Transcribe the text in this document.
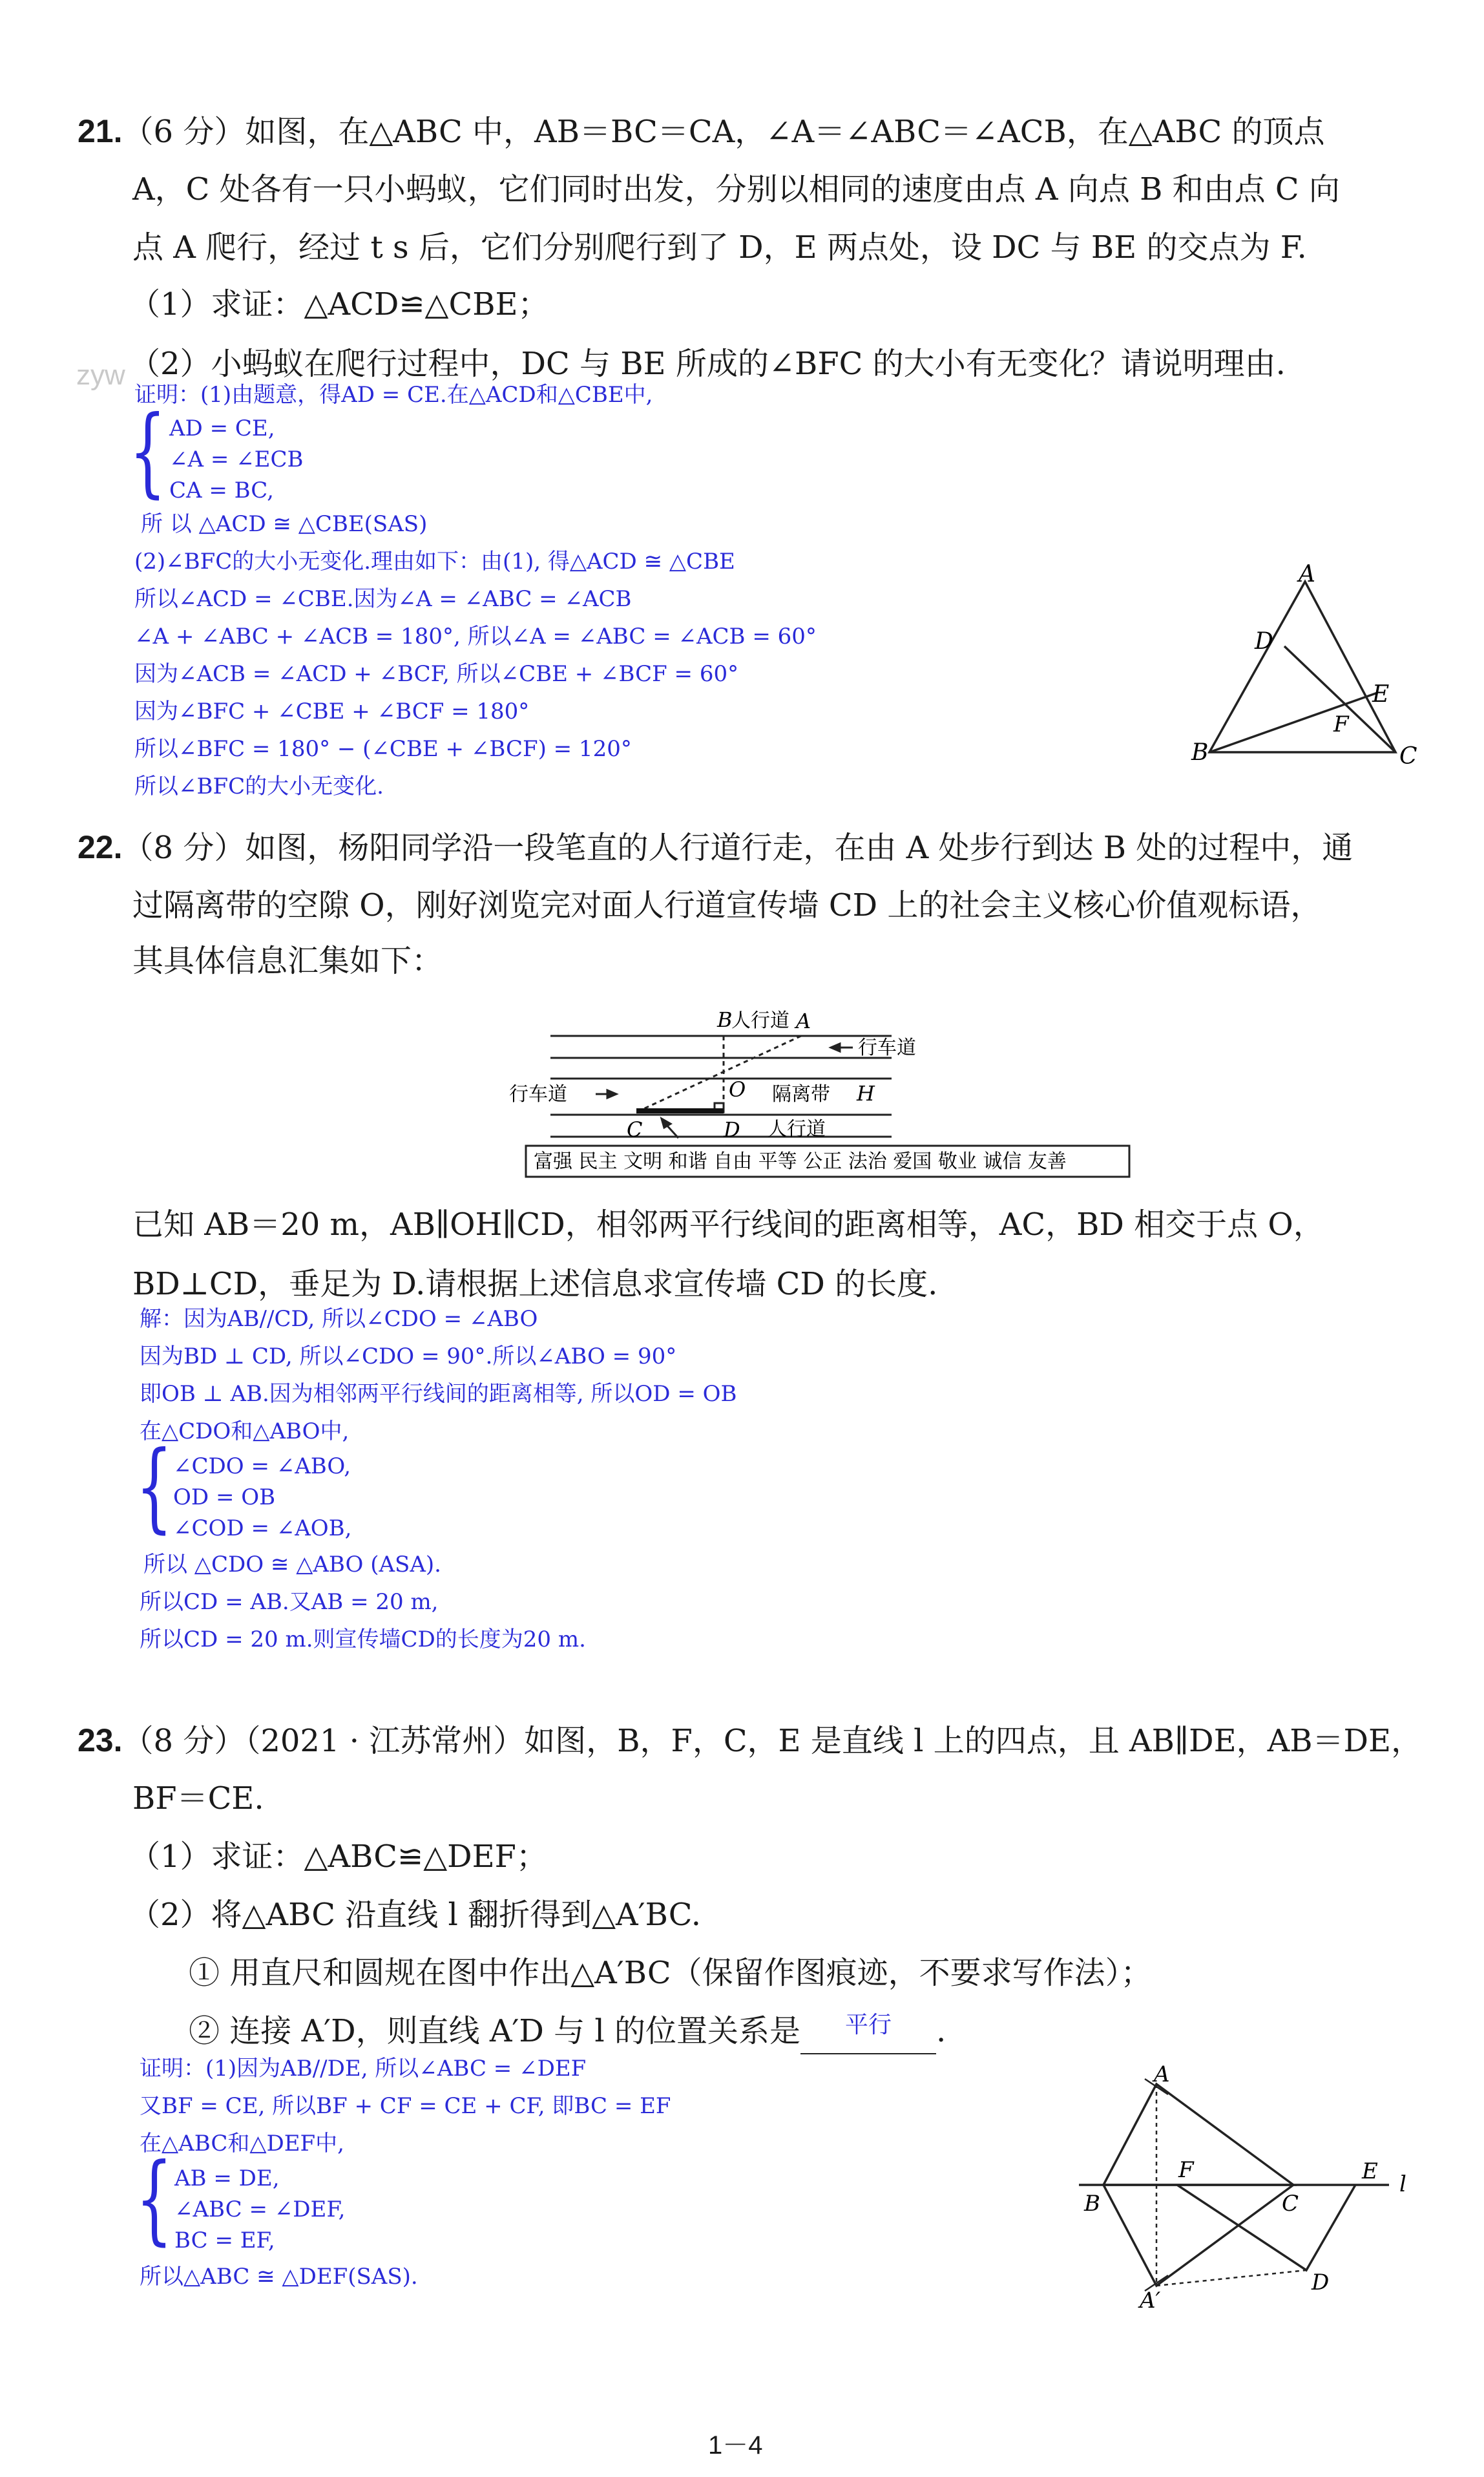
21.（6 分）如图，在△ABC 中，AB＝BC＝CA，∠A＝∠ABC＝∠ACB，在△ABC 的顶点
A，C 处各有一只小蚂蚁，它们同时出发，分别以相同的速度由点 A 向点 B 和由点 C 向
点 A 爬行，经过 t s 后，它们分别爬行到了 D，E 两点处，设 DC 与 BE 的交点为 F.
（1）求证：△ACD≌△CBE；
（2）小蚂蚁在爬行过程中，DC 与 BE 所成的∠BFC 的大小有无变化？请说明理由.
zyw
证明：(1)由题意，得AD = CE.在△ACD和△CBE中,
{ AD = CE,
∠A = ∠ECB
CA = BC,
所 以 △ACD ≅ △CBE(SAS)
(2)∠BFC的大小无变化.理由如下：由(1), 得△ACD ≅ △CBE
所以∠ACD = ∠CBE.因为∠A = ∠ABC = ∠ACB
∠A + ∠ABC + ∠ACB = 180°, 所以∠A = ∠ABC = ∠ACB = 60°
因为∠ACB = ∠ACD + ∠BCF, 所以∠CBE + ∠BCF = 60°
因为∠BFC + ∠CBE + ∠BCF = 180°
所以∠BFC = 180° − (∠CBE + ∠BCF) = 120°
所以∠BFC的大小无变化.
A
D
E
F
B	C
22.（8 分）如图，杨阳同学沿一段笔直的人行道行走，在由 A 处步行到达 B 处的过程中，通
过隔离带的空隙 O，刚好浏览完对面人行道宣传墙 CD 上的社会主义核心价值观标语，
其具体信息汇集如下：
B
人行道 A
行车道
行车道	O 隔离带 H
C	D 人行道
富强 民主 文明 和谐 自由 平等 公正 法治 爱国 敬业 诚信 友善
已知 AB＝20 m，AB∥OH∥CD，相邻两平行线间的距离相等，AC，BD 相交于点 O，
BD⊥CD，垂足为 D.请根据上述信息求宣传墙 CD 的长度.
解：因为AB//CD, 所以∠CDO = ∠ABO
因为BD ⊥ CD, 所以∠CDO = 90°.所以∠ABO = 90°
即OB ⊥ AB.因为相邻两平行线间的距离相等, 所以OD = OB
在△CDO和△ABO中,
{ ∠CDO = ∠ABO,
OD = OB
∠COD = ∠AOB,
所以 △CDO ≅ △ABO (ASA).
所以CD = AB.又AB = 20 m,
所以CD = 20 m.则宣传墙CD的长度为20 m.
23.（8 分）（2021 · 江苏常州）如图，B，F，C，E 是直线 l 上的四点，且 AB∥DE，AB＝DE，
BF＝CE.
（1）求证：△ABC≌△DEF；
（2）将△ABC 沿直线 l 翻折得到△A′BC.
① 用直尺和圆规在图中作出△A′BC（保留作图痕迹，不要求写作法）；
② 连接 A′D，则直线 A′D 与 l 的位置关系是 $^{平行}$ .
证明：(1)因为AB//DE, 所以∠ABC = ∠DEF
又BF = CE, 所以BF + CF = CE + CF, 即BC = EF
在△ABC和△DEF中,
{ AB = DE,
∠ABC = ∠DEF,
BC = EF,
所以△ABC ≅ △DEF(SAS).
A
B
F
C
E l
A′
D
1－4
